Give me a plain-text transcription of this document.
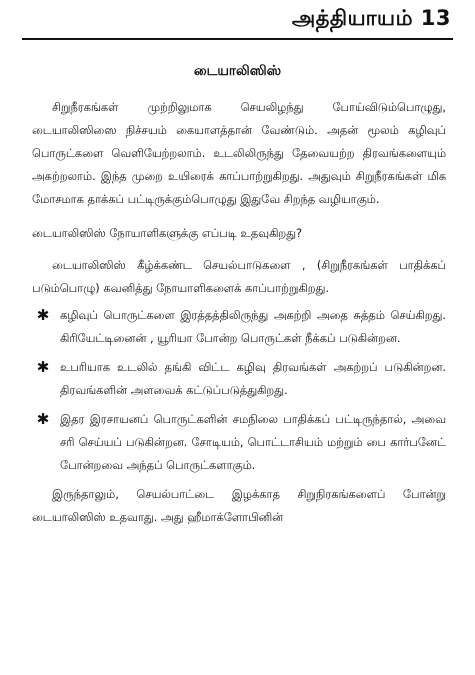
அத்தியாயம் 13
டையாலிஸிஸ்

சிறுநீரகங்கள் முற்றிலுமாக செயலிழந்து போய்விடும்பொழுது, டையாலிஸிஸை நிச்சயம் கையாளத்தான் வேண்டும். அதன் மூலம் கழிவுப் பொருட்களை வெளியேற்றலாம். உடலிலிருந்து தேவையற்ற திரவங்களையும் அகற்றலாம். இந்த முறை உயிரைக் காப்பாற்றுகிறது. அதுவும் சிறுநீரகங்கள் மிக மோசமாக தாக்கப் பட்டிருக்கும்பொழுது இதுவே சிறந்த வழியாகும்.

டையாலிஸிஸ் நோயாளிகளுக்கு எப்படி உதவுகிறது?

டையாலிஸிஸ் கீழ்க்கண்ட செயல்பாடுகளை , (சிறுநீரகங்கள் பாதிக்கப் படும்பொழு) கவனித்து நோயாளிகளைக் காப்பாற்றுகிறது.

✱ கழிவுப் பொருட்களை இரத்தத்திலிருந்து அகற்றி அதை சுத்தம் செய்கிறது. கிரியேட்டினைன் , யூரியா போன்ற பொருட்கள் நீக்கப் படுகின்றன.
✱ உபரியாக உடலில் தங்கி விட்ட கழிவு திரவங்கள் அகற்றப் படுகின்றன. திரவங்களின் அளவைக் கட்டுப்படுத்துகிறது.
✱ இதர இரசாயனப் பொருட்களின் சமநிலை பாதிக்கப் பட்டிருந்தால், அவை சரி செய்யப் படுகின்றன. சோடியம், பொட்டாசியம் மற்றும் பை கார்பனேட் போன்றவை அந்தப் பொருட்களாகும்.

இருந்தாலும், செயல்பாட்டை இழக்காத சிறுநிரகங்களைப் போன்று டையாலிஸிஸ் உதவாது. அது ஹீமாக்ளோபினின்
